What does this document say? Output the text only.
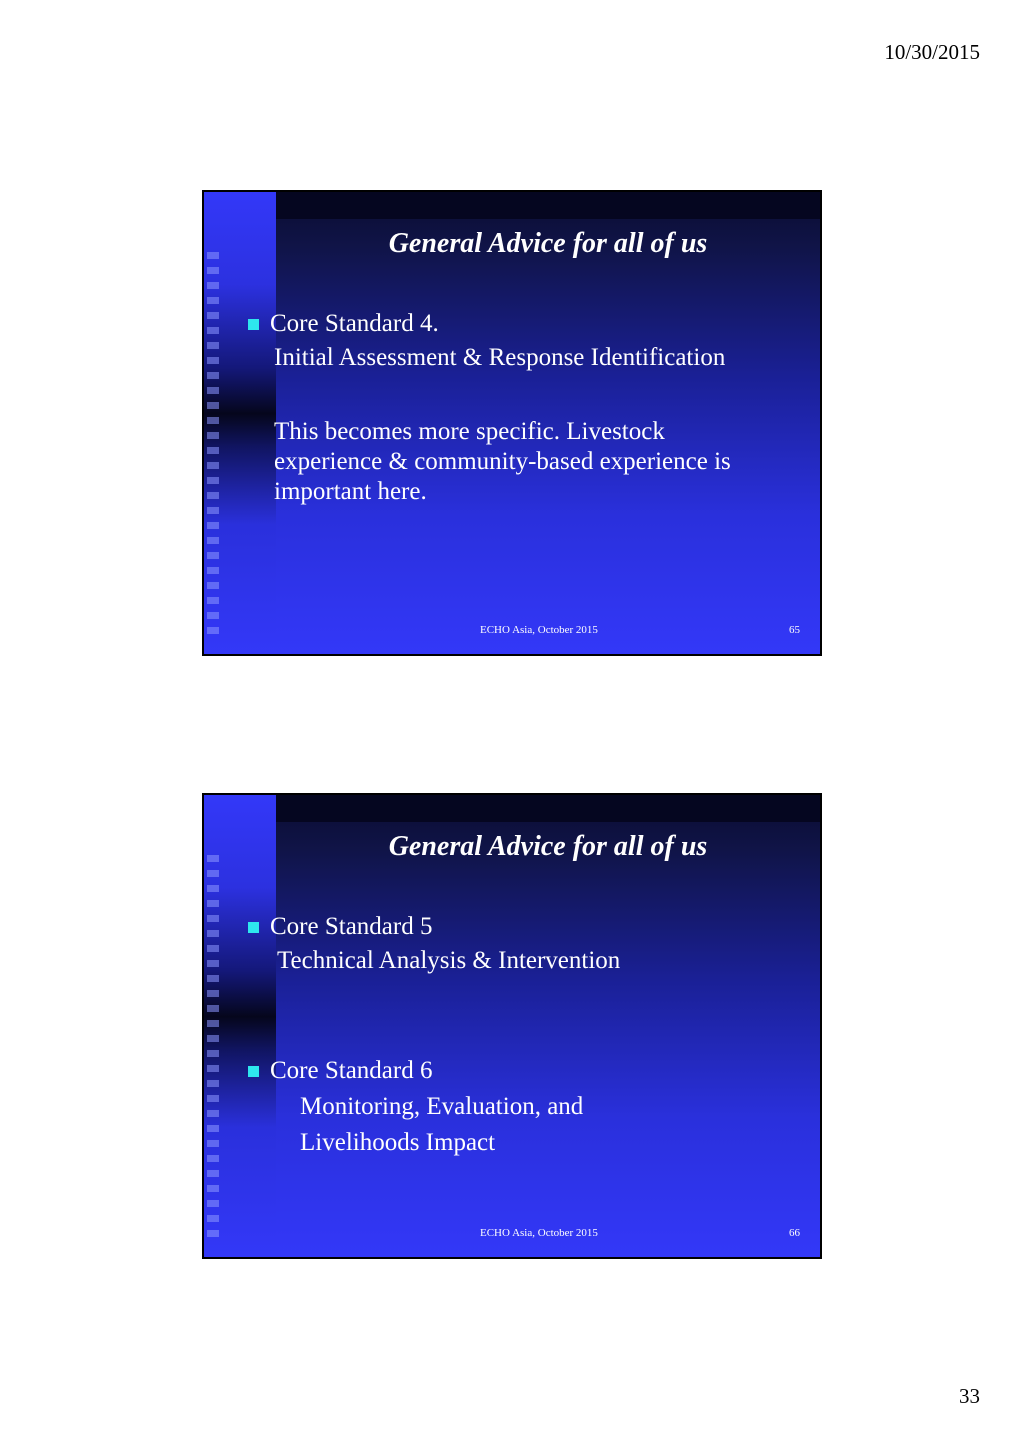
10/30/2015
General Advice for all of us
Core Standard 4.
Initial Assessment & Response Identification
This becomes more specific. Livestock
experience & community-based experience is
important here.
ECHO Asia, October 2015	65
General Advice for all of us
Core Standard 5
Technical Analysis & Intervention
Core Standard 6
Monitoring, Evaluation, and
Livelihoods Impact
ECHO Asia, October 2015	66
33
